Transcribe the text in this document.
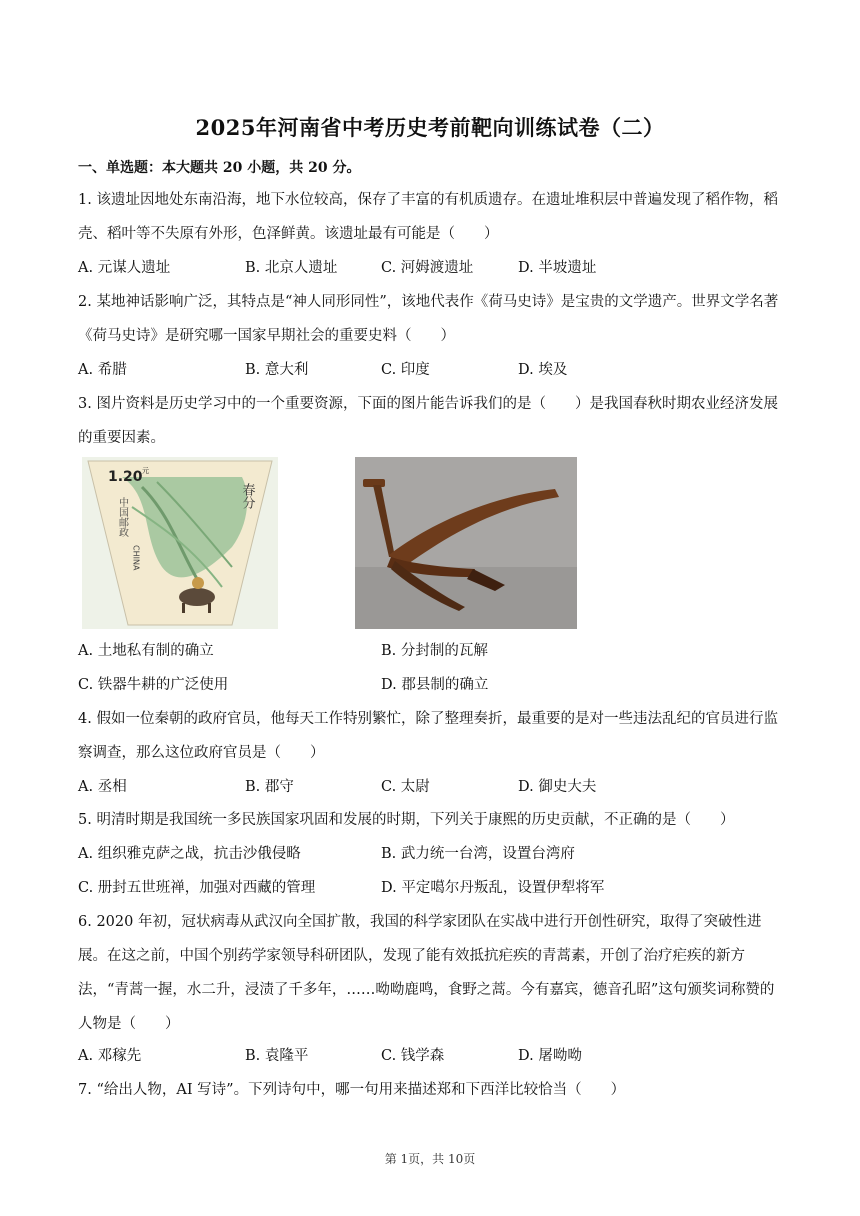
2025年河南省中考历史考前靶向训练试卷（二）
一、单选题：本大题共 20 小题，共 20 分。
1. 该遗址因地处东南沿海，地下水位较高，保存了丰富的有机质遗存。在遗址堆积层中普遍发现了稻作物，稻壳、稻叶等不失原有外形，色泽鲜黄。该遗址最有可能是（　　）
A. 元谋人遗址	B. 北京人遗址	C. 河姆渡遗址	D. 半坡遗址
2. 某地神话影响广泛，其特点是“神人同形同性”，该地代表作《荷马史诗》是宝贵的文学遗产。世界文学名著《荷马史诗》是研究哪一国家早期社会的重要史料（　　）
A. 希腊	B. 意大利	C. 印度	D. 埃及
3. 图片资料是历史学习中的一个重要资源，下面的图片能告诉我们的是（　　）是我国春秋时期农业经济发展的重要因素。
1.20 元
春分
中国邮政
CHINA
A. 土地私有制的确立	B. 分封制的瓦解
C. 铁器牛耕的广泛使用	D. 郡县制的确立
4. 假如一位秦朝的政府官员，他每天工作特别繁忙，除了整理奏折，最重要的是对一些违法乱纪的官员进行监察调查，那么这位政府官员是（　　）
A. 丞相	B. 郡守	C. 太尉	D. 御史大夫
5. 明清时期是我国统一多民族国家巩固和发展的时期，下列关于康熙的历史贡献，不正确的是（　　）
A. 组织雅克萨之战，抗击沙俄侵略	B. 武力统一台湾，设置台湾府
C. 册封五世班禅，加强对西藏的管理	D. 平定噶尔丹叛乱，设置伊犁将军
6. 2020 年初，冠状病毒从武汉向全国扩散，我国的科学家团队在实战中进行开创性研究，取得了突破性进展。在这之前，中国个别药学家领导科研团队，发现了能有效抵抗疟疾的青蒿素，开创了治疗疟疾的新方法，“青蒿一握，水二升，浸渍了千多年，……呦呦鹿鸣，食野之蒿。今有嘉宾，德音孔昭”这句颁奖词称赞的人物是（　　）
A. 邓稼先	B. 袁隆平	C. 钱学森	D. 屠呦呦
7. “给出人物，AI 写诗”。下列诗句中，哪一句用来描述郑和下西洋比较恰当（　　）
第 1页，共 10页
